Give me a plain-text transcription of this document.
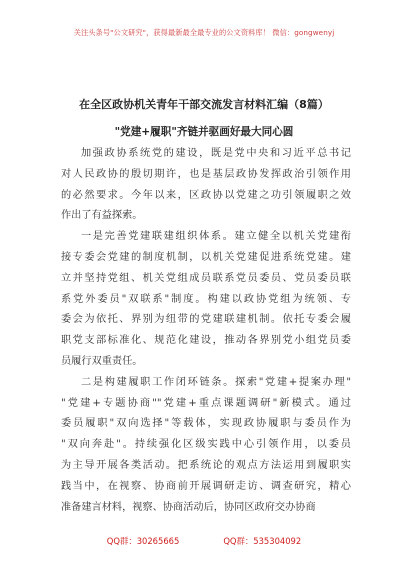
关注头条号"公文研究"，获得最新最全最专业的公文资料库！ 微信：gongwenyj
在全区政协机关青年干部交流发言材料汇编（8篇）
"党建+履职"齐链并驱画好最大同心圆
加强政协系统党的建设，既是党中央和习近平总书记
对人民政协的殷切期许，也是基层政协发挥政治引领作用
的必然要求。今年以来，区政协以党建之功引领履职之效
作出了有益探索。
一是完善党建联建组织体系。建立健全以机关党建衔
接专委会党建的制度机制，以机关党建促进系统党建。建
立并坚持党组、机关党组成员联系党员委员、党员委员联
系党外委员"双联系"制度。构建以政协党组为统领、专
委会为依托、界别为纽带的党建联建机制。依托专委会履
职党支部标准化、规范化建设，推动各界别党小组党员委
员履行双重责任。
二是构建履职工作闭环链条。探索"党建+提案办理"
"党建+专题协商""党建+重点课题调研"新模式。通过
委员履职"双向选择"等载体，实现政协履职与委员作为
"双向奔赴"。持续强化区级实践中心引领作用，以委员
为主导开展各类活动。把系统论的观点方法运用到履职实
践当中，在视察、协商前开展调研走访、调查研究，精心
准备建言材料，视察、协商活动后，协同区政府交办协商
QQ群：30265665	QQ群：535304092
